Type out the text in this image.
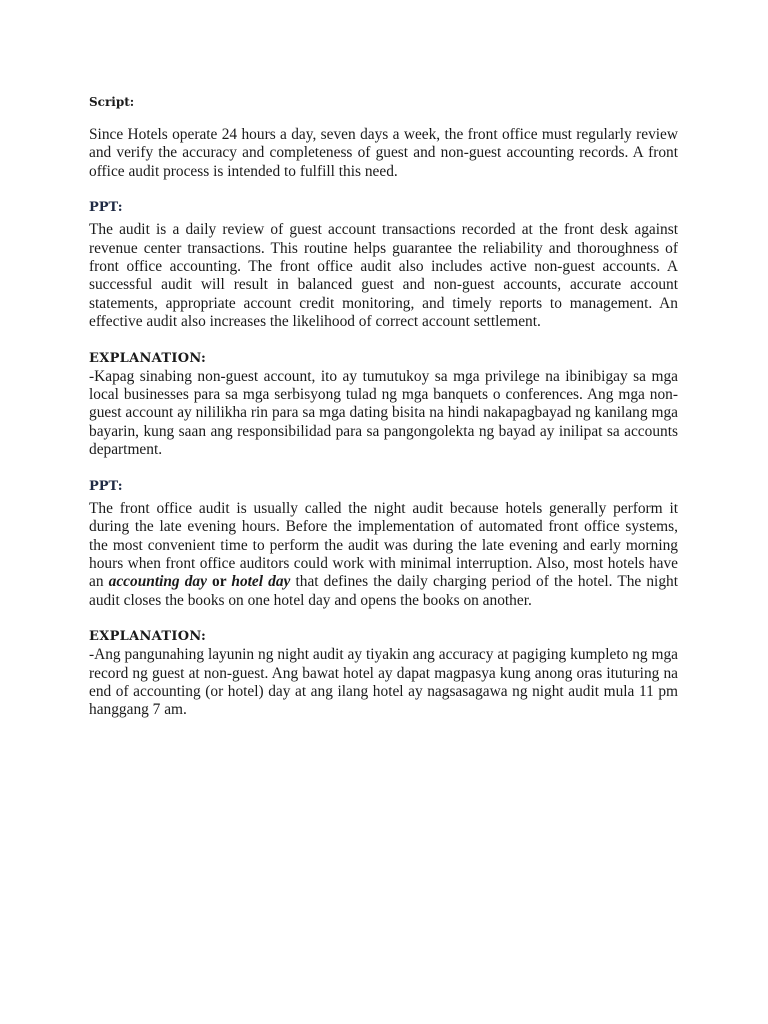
Script:

Since Hotels operate 24 hours a day, seven days a week, the front office must regularly review and verify the accuracy and completeness of guest and non-guest accounting records. A front office audit process is intended to fulfill this need.

PPT:

The audit is a daily review of guest account transactions recorded at the front desk against revenue center transactions. This routine helps guarantee the reliability and thoroughness of front office accounting. The front office audit also includes active non-guest accounts. A successful audit will result in balanced guest and non-guest accounts, accurate account statements, appropriate account credit monitoring, and timely reports to management. An effective audit also increases the likelihood of correct account settlement.

EXPLANATION:

-Kapag sinabing non-guest account, ito ay tumutukoy sa mga privilege na ibinibigay sa mga local businesses para sa mga serbisyong tulad ng mga banquets o conferences. Ang mga non-guest account ay nililikha rin para sa mga dating bisita na hindi nakapagbayad ng kanilang mga bayarin, kung saan ang responsibilidad para sa pangongolekta ng bayad ay inilipat sa accounts department.

PPT:

The front office audit is usually called the night audit because hotels generally perform it during the late evening hours. Before the implementation of automated front office systems, the most convenient time to perform the audit was during the late evening and early morning hours when front office auditors could work with minimal interruption. Also, most hotels have an accounting day or hotel day that defines the daily charging period of the hotel. The night audit closes the books on one hotel day and opens the books on another.

EXPLANATION:

-Ang pangunahing layunin ng night audit ay tiyakin ang accuracy at pagiging kumpleto ng mga record ng guest at non-guest. Ang bawat hotel ay dapat magpasya kung anong oras ituturing na end of accounting (or hotel) day at ang ilang hotel ay nagsasagawa ng night audit mula 11 pm hanggang 7 am.
